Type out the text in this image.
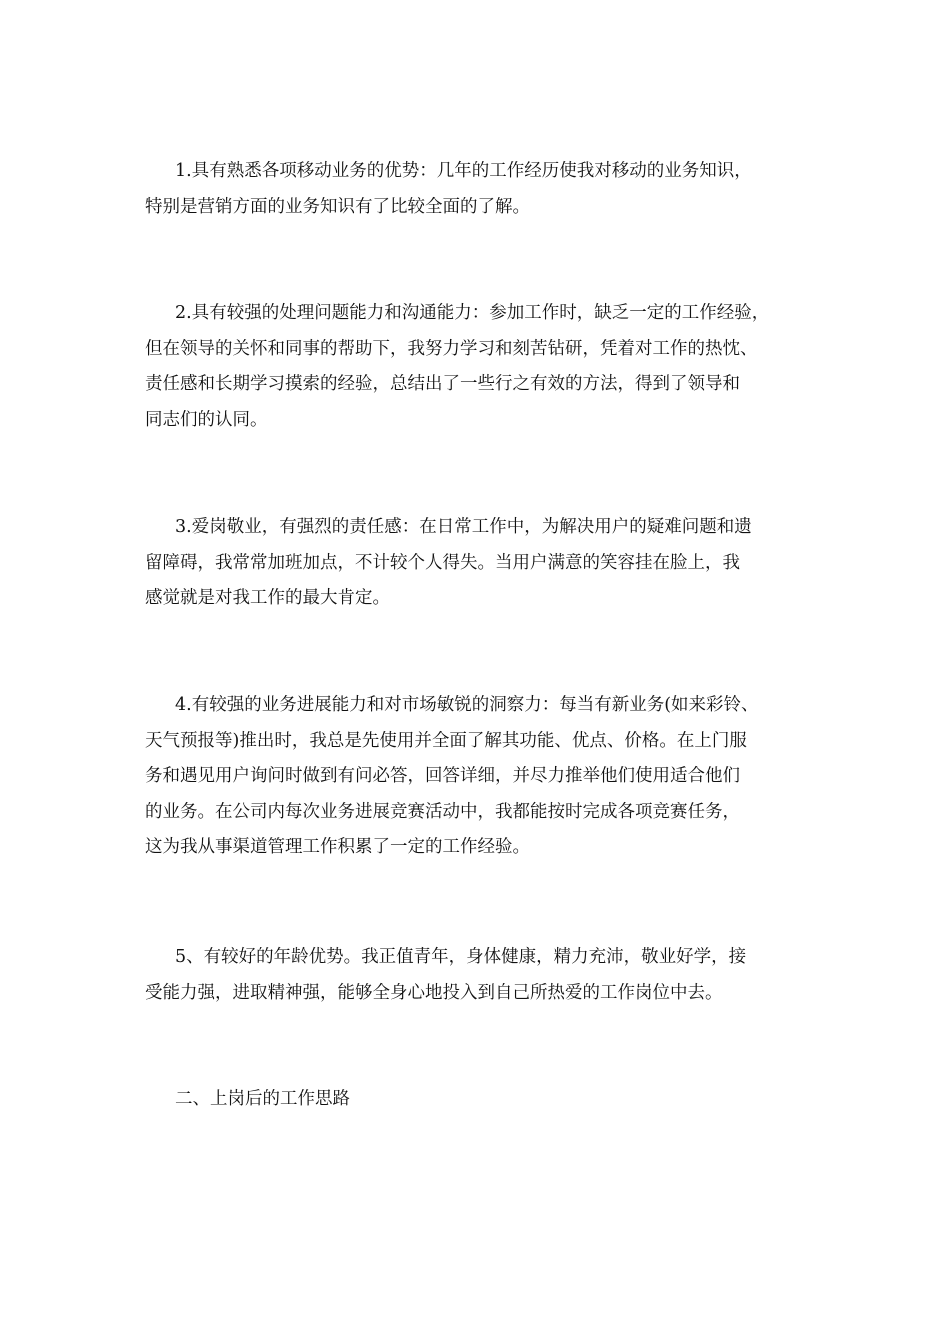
1.具有熟悉各项移动业务的优势：几年的工作经历使我对移动的业务知识，
特别是营销方面的业务知识有了比较全面的了解。

2.具有较强的处理问题能力和沟通能力：参加工作时，缺乏一定的工作经验，
但在领导的关怀和同事的帮助下，我努力学习和刻苦钻研，凭着对工作的热忱、
责任感和长期学习摸索的经验，总结出了一些行之有效的方法，得到了领导和
同志们的认同。

3.爱岗敬业，有强烈的责任感：在日常工作中，为解决用户的疑难问题和遗
留障碍，我常常加班加点，不计较个人得失。当用户满意的笑容挂在脸上，我
感觉就是对我工作的最大肯定。

4.有较强的业务进展能力和对市场敏锐的洞察力：每当有新业务(如来彩铃、
天气预报等)推出时，我总是先使用并全面了解其功能、优点、价格。在上门服
务和遇见用户询问时做到有问必答，回答详细，并尽力推举他们使用适合他们
的业务。在公司内每次业务进展竞赛活动中，我都能按时完成各项竞赛任务，
这为我从事渠道管理工作积累了一定的工作经验。

5、有较好的年龄优势。我正值青年，身体健康，精力充沛，敬业好学，接
受能力强，进取精神强，能够全身心地投入到自己所热爱的工作岗位中去。

二、上岗后的工作思路
